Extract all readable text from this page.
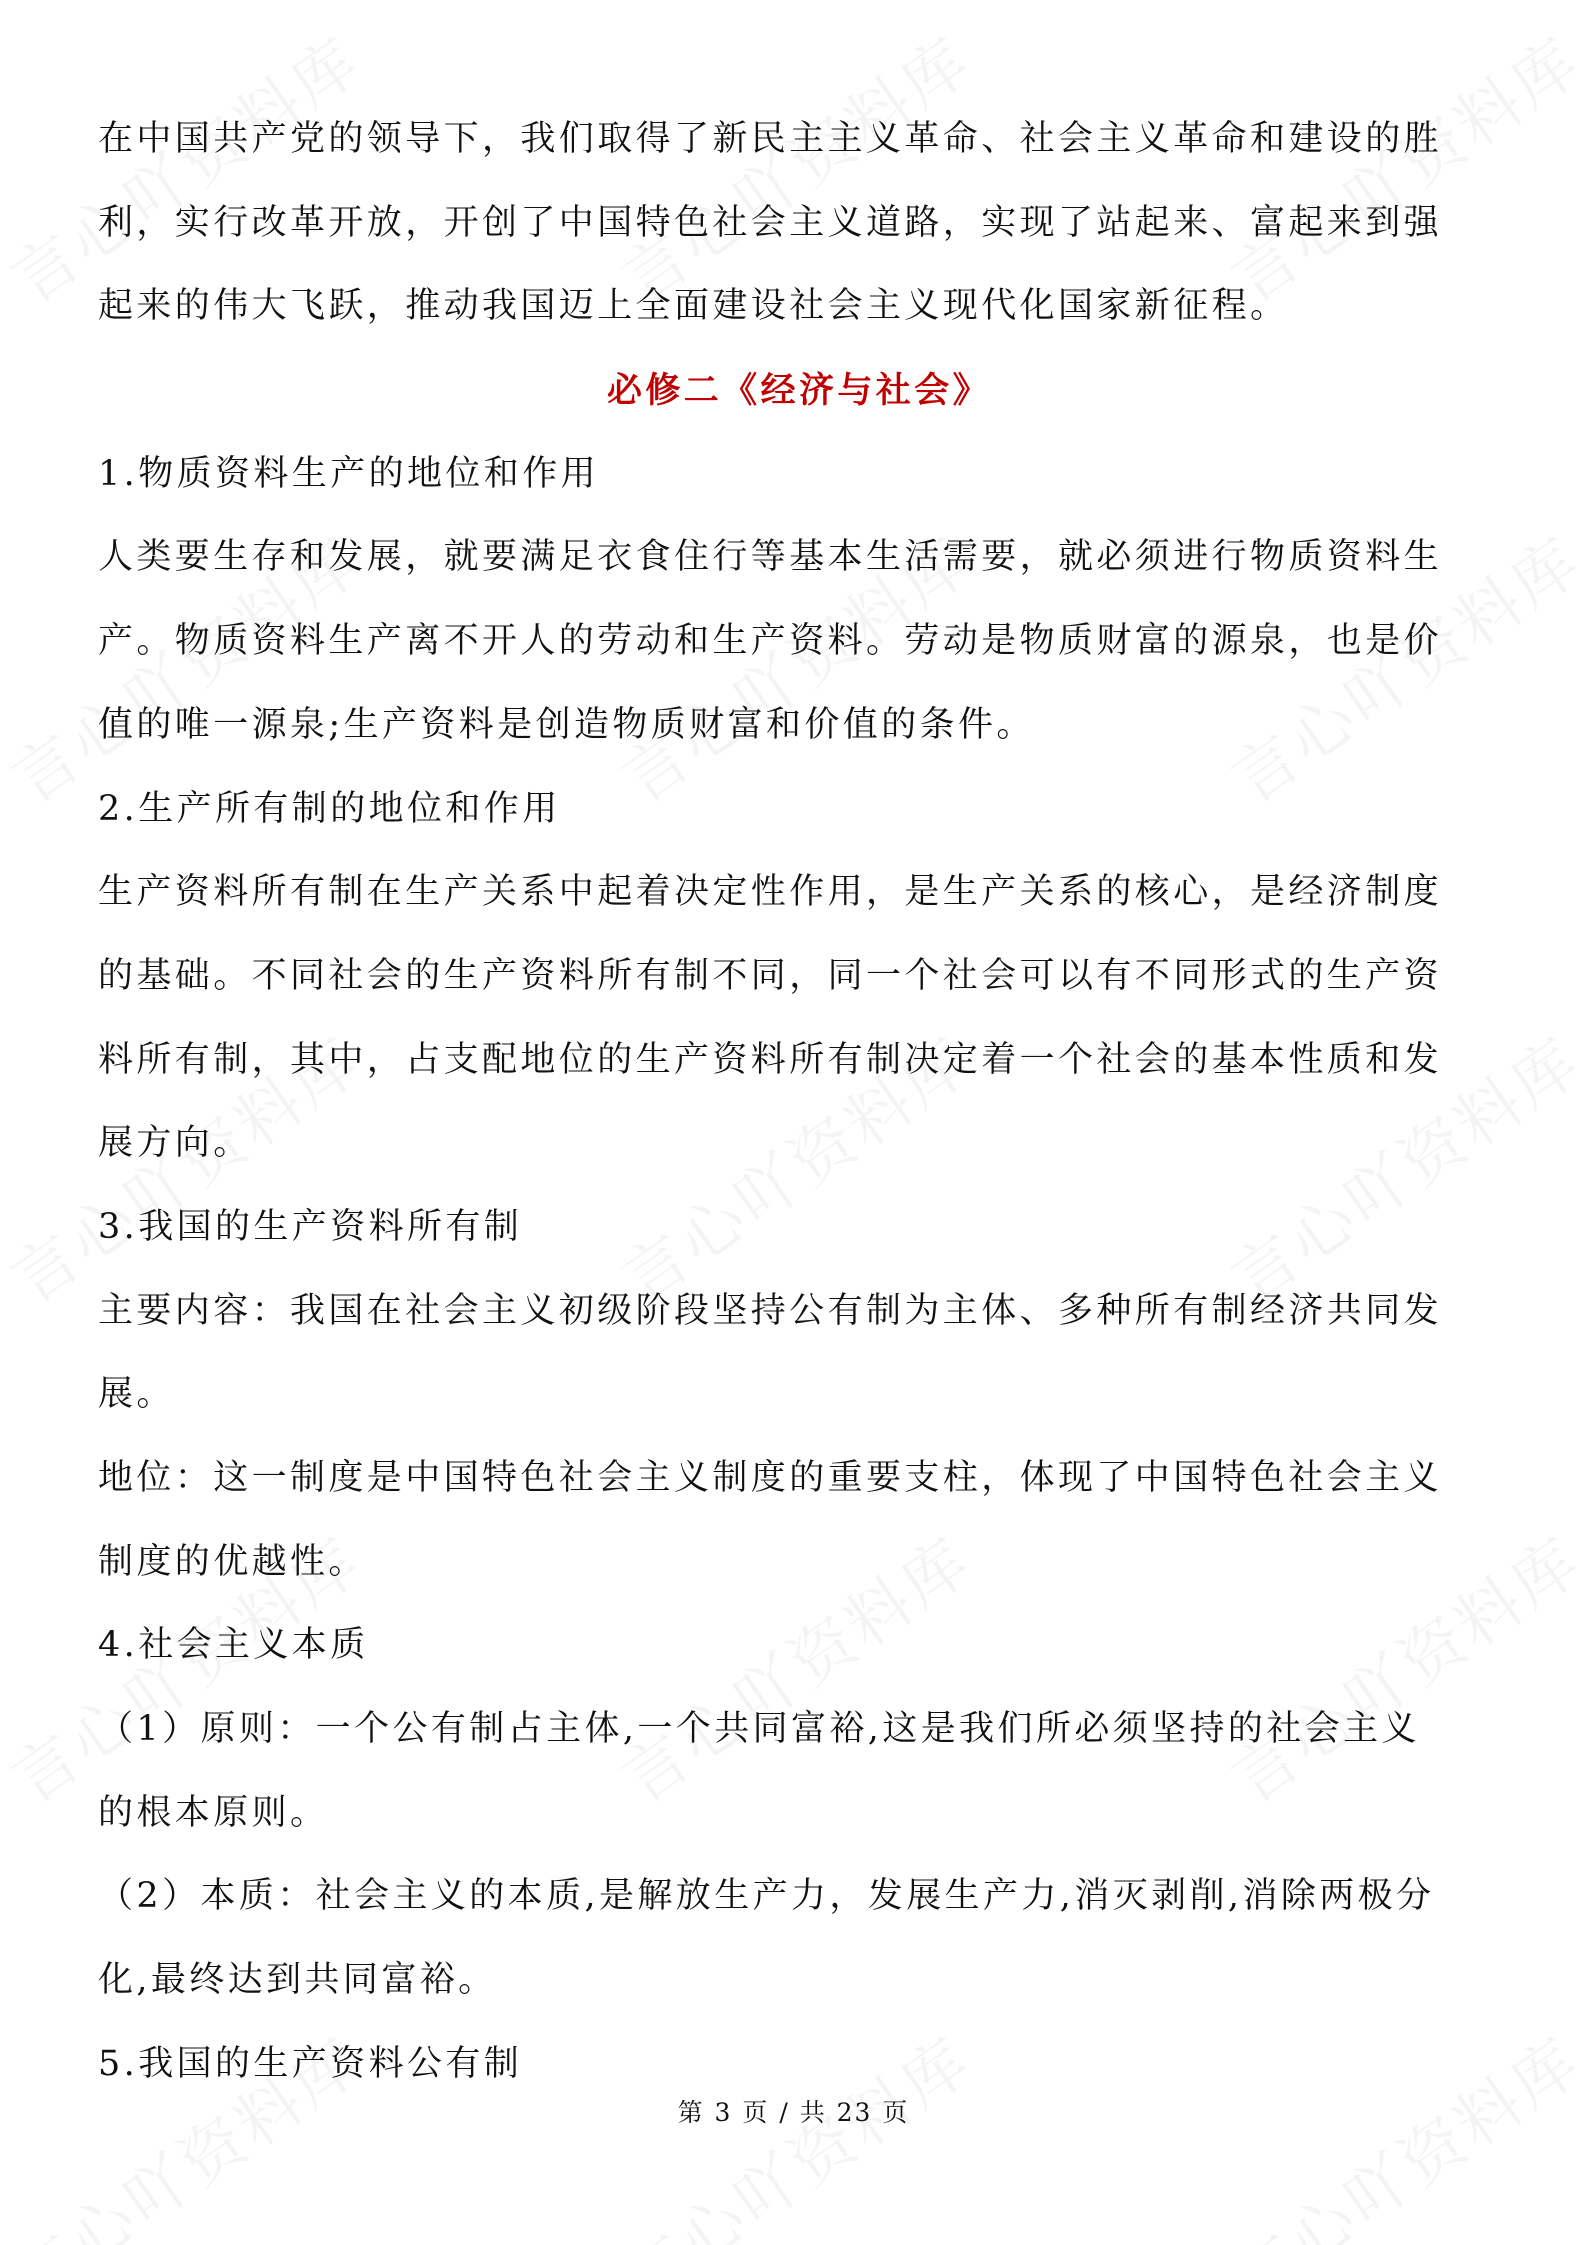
在中国共产党的领导下，我们取得了新民主主义革命、社会主义革命和建设的胜
利，实行改革开放，开创了中国特色社会主义道路，实现了站起来、富起来到强
起来的伟大飞跃，推动我国迈上全面建设社会主义现代化国家新征程。
必修二《经济与社会》
1.物质资料生产的地位和作用
人类要生存和发展，就要满足衣食住行等基本生活需要，就必须进行物质资料生
产。物质资料生产离不开人的劳动和生产资料。劳动是物质财富的源泉，也是价
值的唯一源泉;生产资料是创造物质财富和价值的条件。
2.生产所有制的地位和作用
生产资料所有制在生产关系中起着决定性作用，是生产关系的核心，是经济制度
的基础。不同社会的生产资料所有制不同，同一个社会可以有不同形式的生产资
料所有制，其中，占支配地位的生产资料所有制决定着一个社会的基本性质和发
展方向。
3.我国的生产资料所有制
主要内容：我国在社会主义初级阶段坚持公有制为主体、多种所有制经济共同发
展。
地位：这一制度是中国特色社会主义制度的重要支柱，体现了中国特色社会主义
制度的优越性。
4.社会主义本质
（1）原则：一个公有制占主体,一个共同富裕,这是我们所必须坚持的社会主义
的根本原则。
（2）本质：社会主义的本质,是解放生产力，发展生产力,消灭剥削,消除两极分
化,最终达到共同富裕。
5.我国的生产资料公有制
第 3 页 / 共 23 页
